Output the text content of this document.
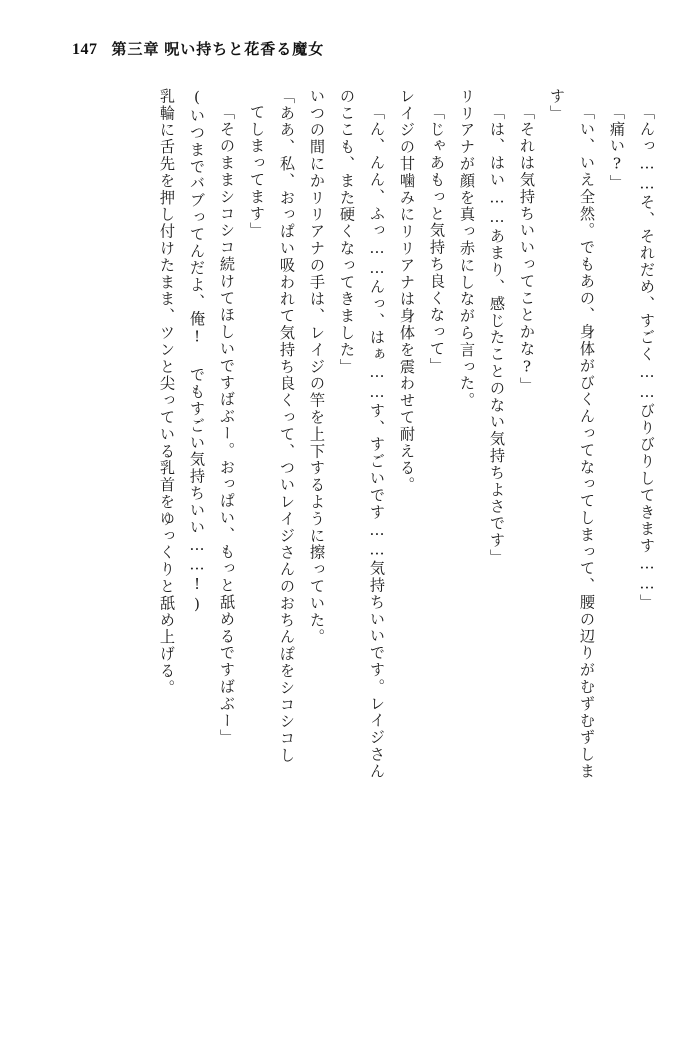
147 第三章 呪い持ちと花香る魔女
「んっ……そ、それだめ、すごく……びりびりしてきます……」
「痛い?」
「い、いえ全然。でもあの、身体がびくんってなってしまって、腰の辺りがむずむずしま
す」
「それは気持ちいいってことかな?」
「は、はい……あまり、感じたことのない気持ちよさです」
リリアナが顔を真っ赤にしながら言った。
「じゃあもっと気持ち良くなって」
レイジの甘噛みにリリアナは身体を震わせて耐える。
「ん、んん、ふっ……んっ、はぁ……す、すごいです……気持ちいいです。レイジさん
のここも、また硬くなってきました」
いつの間にかリリアナの手は、レイジの竿を上下するように擦っていた。
「ああ、私、おっぱい吸われて気持ち良くって、ついレイジさんのおちんぽをシコシコし
てしまってます」
「そのままシコシコ続けてほしいですばぶー。おっぱい、もっと舐めるですばぶー」
(いつまでバブってんだよ、俺! でもすごい気持ちいい……!)
乳輪に舌先を押し付けたまま、ツンと尖っている乳首をゆっくりと舐め上げる。
